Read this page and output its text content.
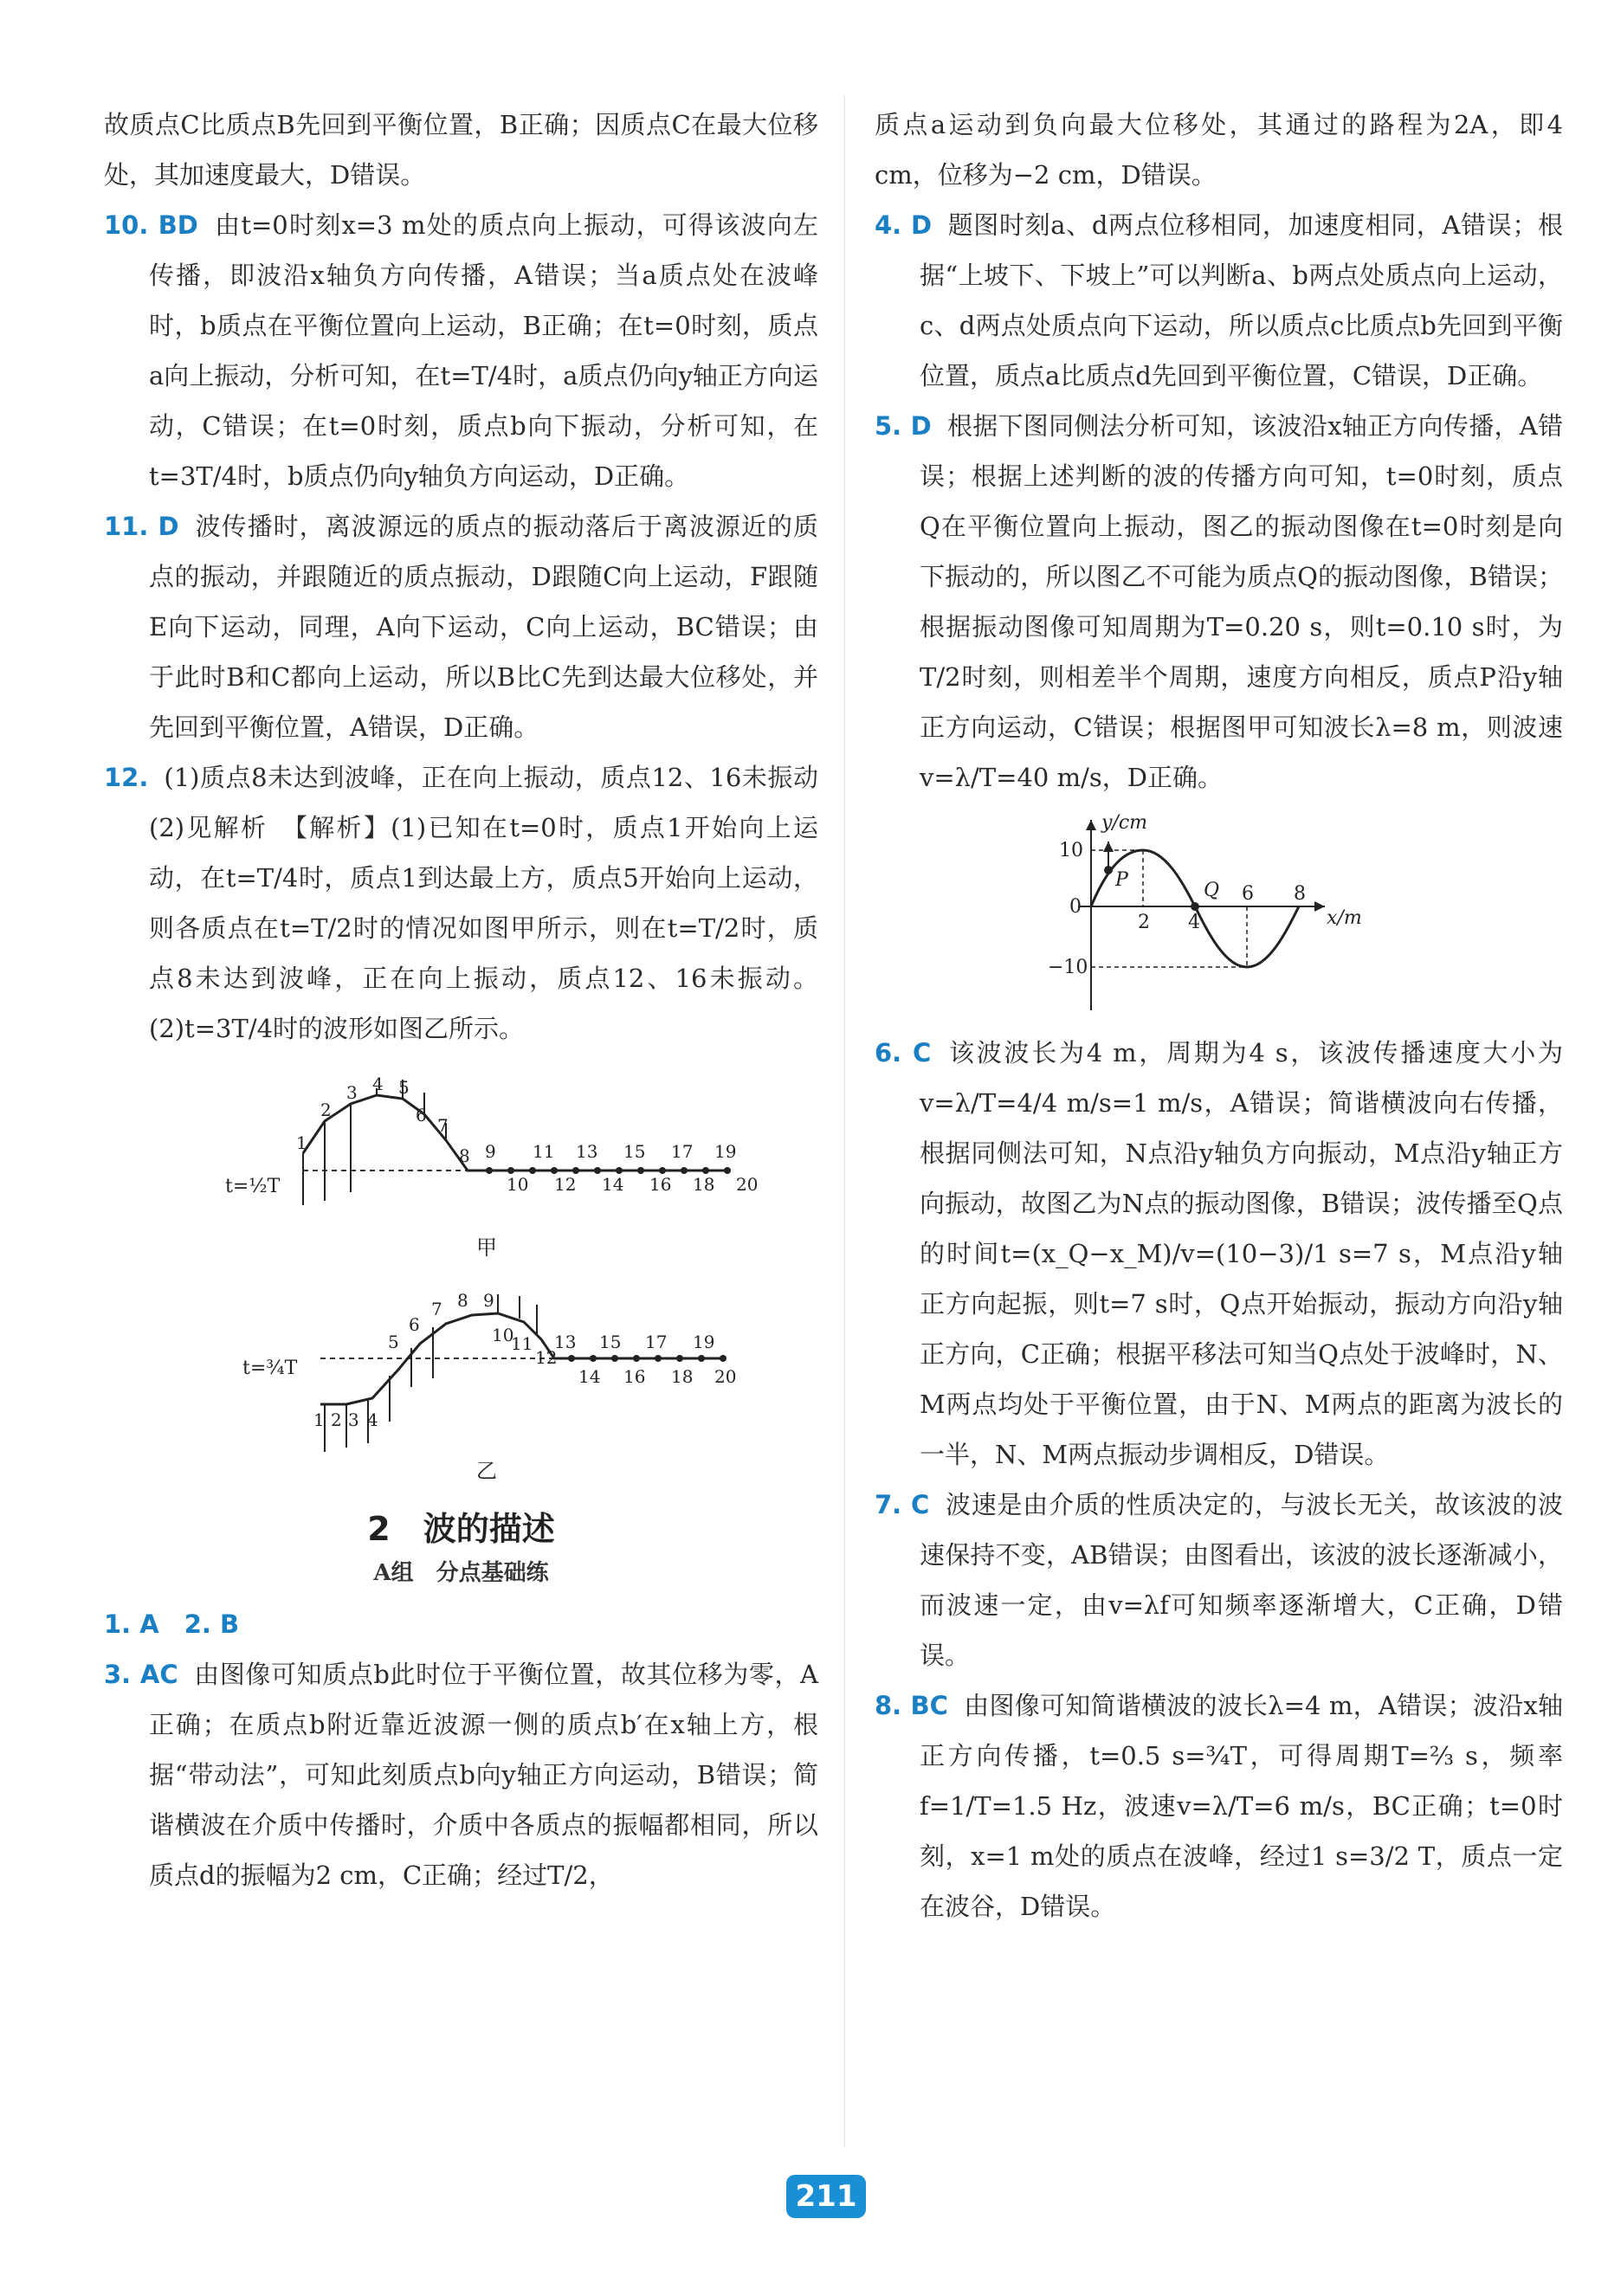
故质点C比质点B先回到平衡位置，B正确；因质点C在最大位移处，其加速度最大，D错误。
10. BD 由t=0时刻x=3 m处的质点向上振动，可得该波向左传播，即波沿x轴负方向传播，A错误；当a质点处在波峰时，b质点在平衡位置向上运动，B正确；在t=0时刻，质点a向上振动，分析可知，在t=T/4时，a质点仍向y轴正方向运动，C错误；在t=0时刻，质点b向下振动，分析可知，在t=3T/4时，b质点仍向y轴负方向运动，D正确。
11. D 波传播时，离波源远的质点的振动落后于离波源近的质点的振动，并跟随近的质点振动，D跟随C向上运动，F跟随E向下运动，同理，A向下运动，C向上运动，BC错误；由于此时B和C都向上运动，所以B比C先到达最大位移处，并先回到平衡位置，A错误，D正确。
12. (1)质点8未达到波峰，正在向上振动，质点12、16未振动　(2)见解析　【解析】(1)已知在t=0时，质点1开始向上运动，在t=T/4时，质点1到达最上方，质点5开始向上运动，则各质点在t=T/2时的情况如图甲所示，则在t=T/2时，质点8未达到波峰，正在向上振动，质点12、16未振动。(2)t=3T/4时的波形如图乙所示。
t=½T
1
2
3 4 5
6 7
8 9
10
11
12
13
14
15
16
17
18
19
20
甲
t=¾T
1 2 3 4
5
6
7 8 9
10
11
12
13
14
15
16
17
18
19
20
乙
2　波的描述
A组　分点基础练
1. A　2. B
3. AC 由图像可知质点b此时位于平衡位置，故其位移为零，A正确；在质点b附近靠近波源一侧的质点b′在x轴上方，根据“带动法”，可知此刻质点b向y轴正方向运动，B错误；简谐横波在介质中传播时，介质中各质点的振幅都相同，所以质点d的振幅为2 cm，C正确；经过T/2，
质点a运动到负向最大位移处，其通过的路程为2A，即4 cm，位移为−2 cm，D错误。
4. D 题图时刻a、d两点位移相同，加速度相同，A错误；根据“上坡下、下坡上”可以判断a、b两点处质点向上运动，c、d两点处质点向下运动，所以质点c比质点b先回到平衡位置，质点a比质点d先回到平衡位置，C错误，D正确。
5. D 根据下图同侧法分析可知，该波沿x轴正方向传播，A错误；根据上述判断的波的传播方向可知，t=0时刻，质点Q在平衡位置向上振动，图乙的振动图像在t=0时刻是向下振动的，所以图乙不可能为质点Q的振动图像，B错误；根据振动图像可知周期为T=0.20 s，则t=0.10 s时，为T/2时刻，则相差半个周期，速度方向相反，质点P沿y轴正方向运动，C错误；根据图甲可知波长λ=8 m，则波速v=λ/T=40 m/s，D正确。
y/cm
x/m
10
0
−10
2 4
6 8
P	Q
6. C 该波波长为4 m，周期为4 s，该波传播速度大小为v=λ/T=4/4 m/s=1 m/s，A错误；简谐横波向右传播，根据同侧法可知，N点沿y轴负方向振动，M点沿y轴正方向振动，故图乙为N点的振动图像，B错误；波传播至Q点的时间t=(x_Q−x_M)/v=(10−3)/1 s=7 s，M点沿y轴正方向起振，则t=7 s时，Q点开始振动，振动方向沿y轴正方向，C正确；根据平移法可知当Q点处于波峰时，N、M两点均处于平衡位置，由于N、M两点的距离为波长的一半，N、M两点振动步调相反，D错误。
7. C 波速是由介质的性质决定的，与波长无关，故该波的波速保持不变，AB错误；由图看出，该波的波长逐渐减小，而波速一定，由v=λf可知频率逐渐增大，C正确，D错误。
8. BC 由图像可知简谐横波的波长λ=4 m，A错误；波沿x轴正方向传播，t=0.5 s=¾T，可得周期T=⅔ s，频率f=1/T=1.5 Hz，波速v=λ/T=6 m/s，BC正确；t=0时刻，x=1 m处的质点在波峰，经过1 s=3/2 T，质点一定在波谷，D错误。
211
